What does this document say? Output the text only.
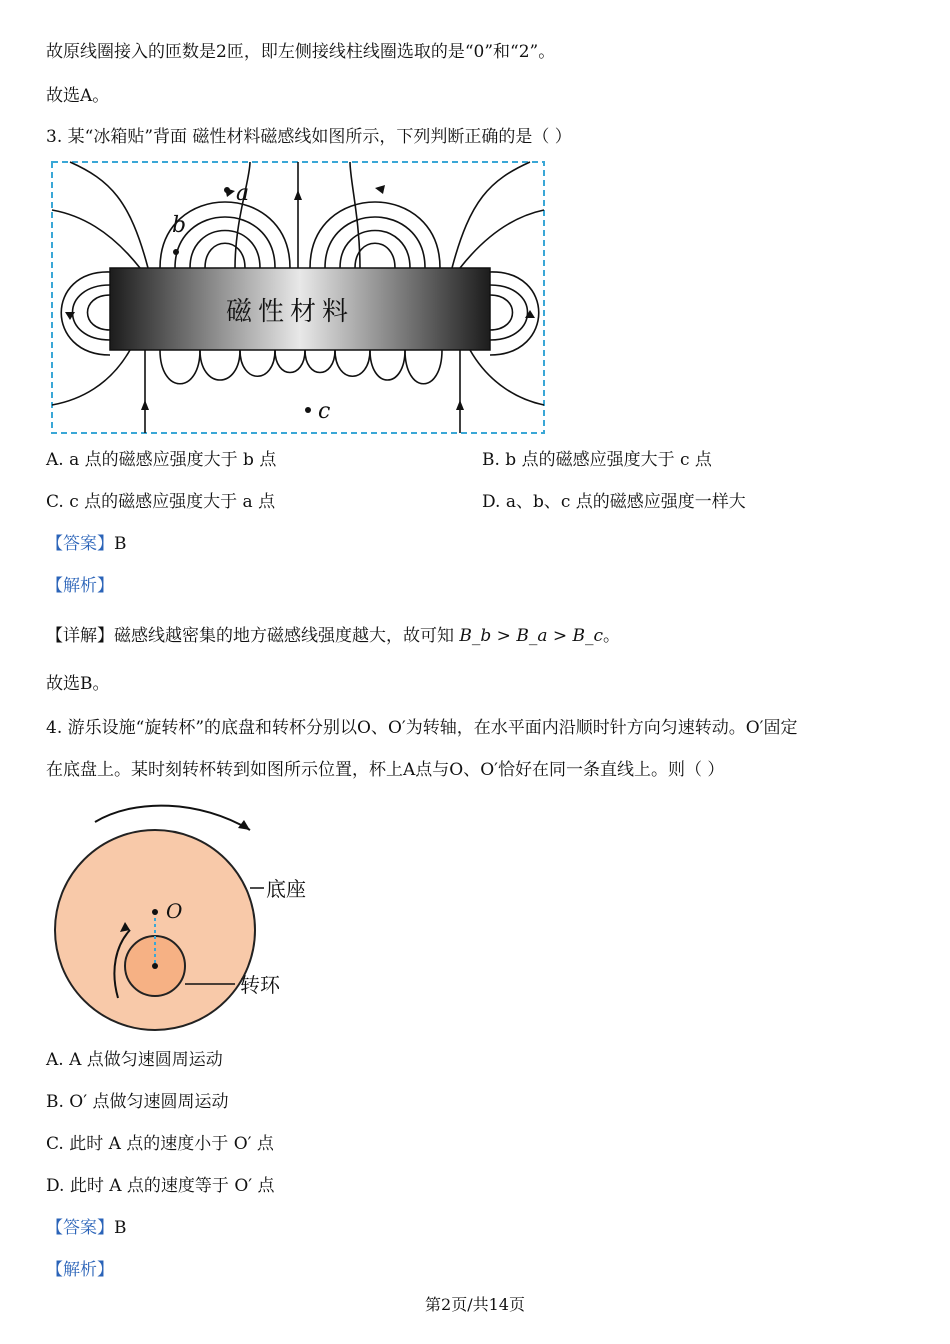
故原线圈接入的匝数是2匝，即左侧接线柱线圈选取的是“0”和“2”。
故选A。
3. 某“冰箱贴”背面 磁性材料磁感线如图所示，下列判断正确的是（ ）
磁性材料
a
b
c
A. a 点的磁感应强度大于 b 点	B. b 点的磁感应强度大于 c 点
C. c 点的磁感应强度大于 a 点	D. a、b、c 点的磁感应强度一样大
【答案】B
【解析】
【详解】磁感线越密集的地方磁感线强度越大，故可知 B_b > B_a > B_c。
故选B。
4. 游乐设施“旋转杯”的底盘和转杯分别以O、O′为转轴，在水平面内沿顺时针方向匀速转动。O′固定
在底盘上。某时刻转杯转到如图所示位置，杯上A点与O、O′恰好在同一条直线上。则（ ）
O
底座
转环
A. A 点做匀速圆周运动
B. O′ 点做匀速圆周运动
C. 此时 A 点的速度小于 O′ 点
D. 此时 A 点的速度等于 O′ 点
【答案】B
【解析】
第2页/共14页
